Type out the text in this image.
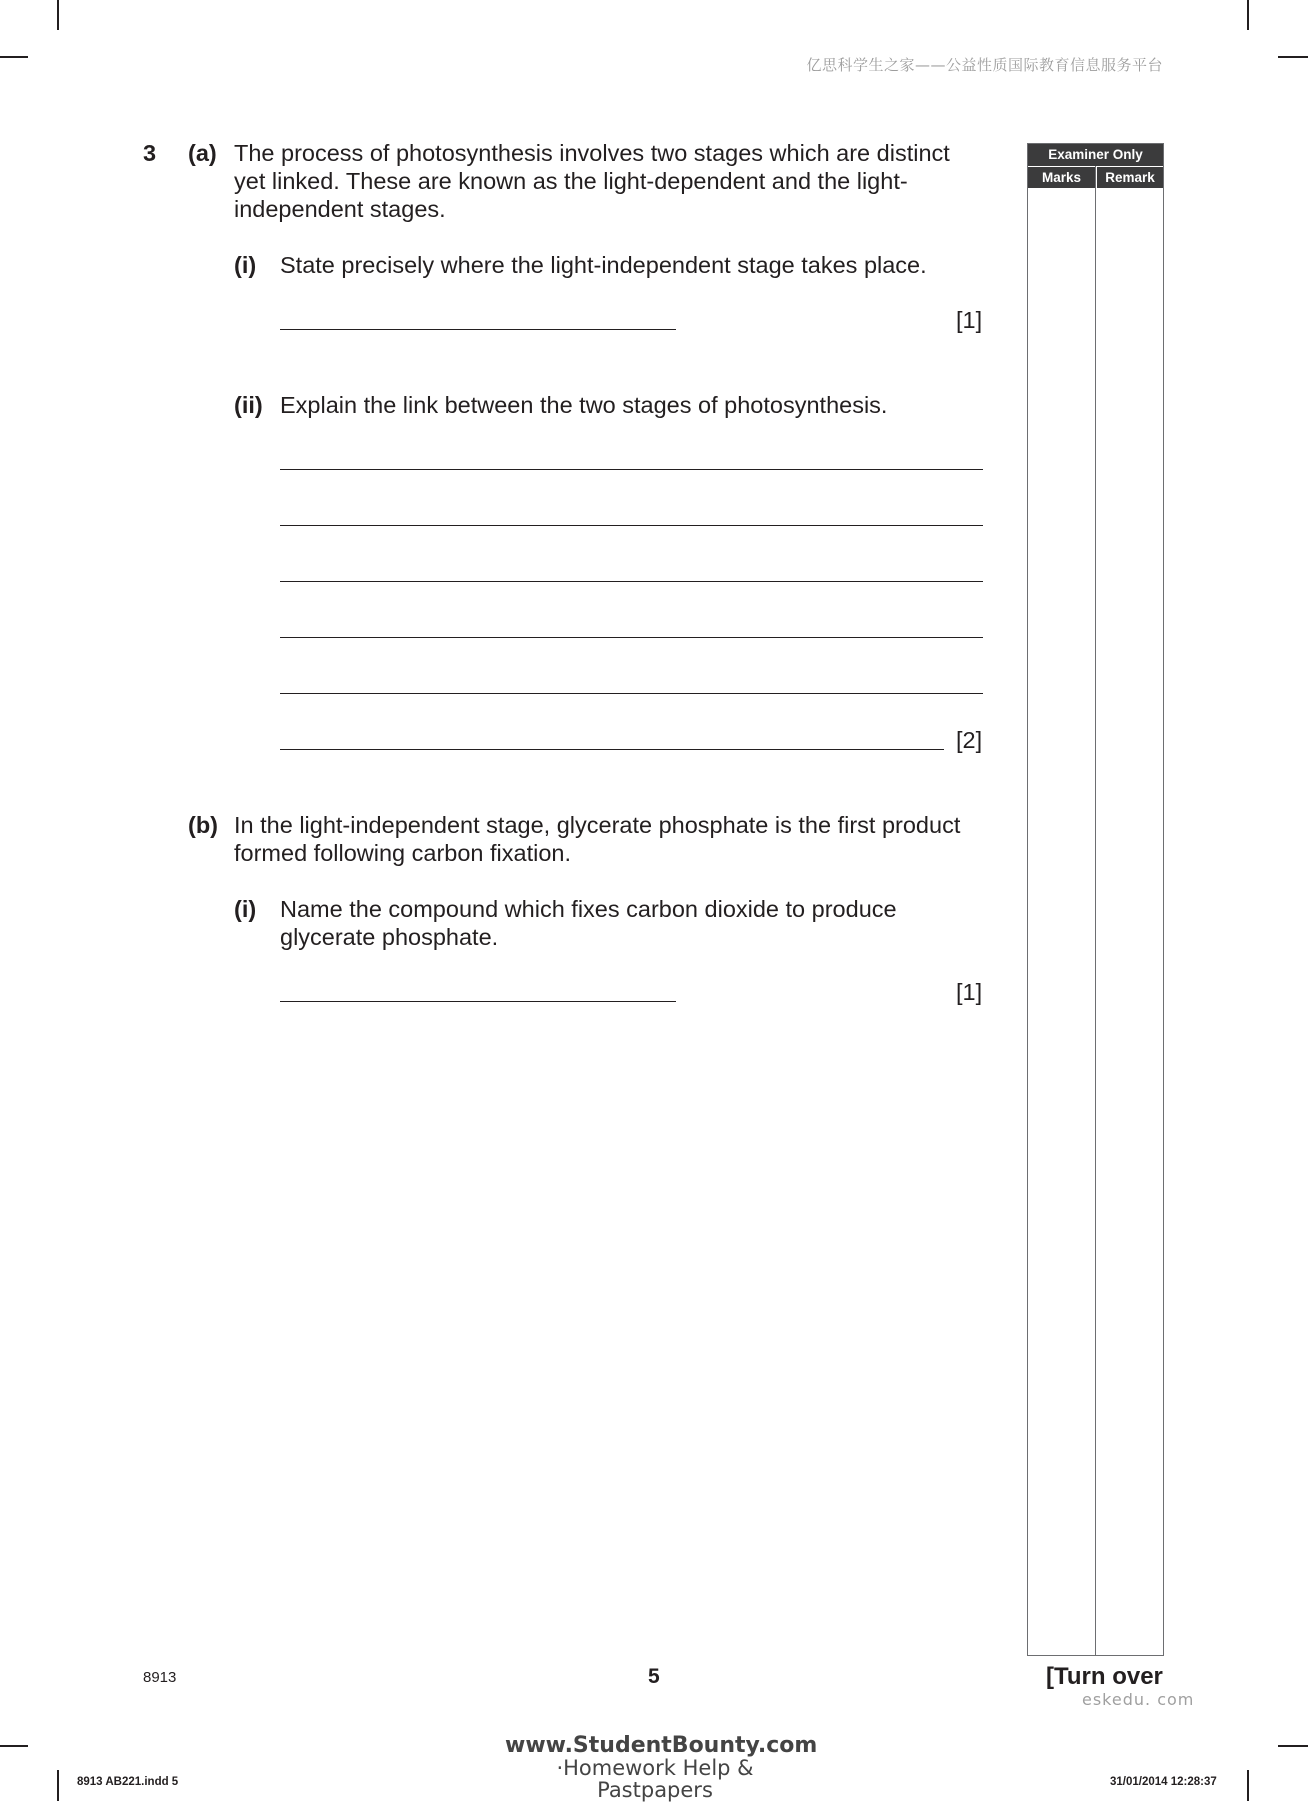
亿思科学生之家——公益性质国际教育信息服务平台
3 (a) The process of photosynthesis involves two stages which are distinct
yet linked. These are known as the light-dependent and the light-
independent stages.
(i) State precisely where the light-independent stage takes place.
[1]
(ii) Explain the link between the two stages of photosynthesis.
[2]
(b) In the light-independent stage, glycerate phosphate is the first product
formed following carbon fixation.
(i) Name the compound which fixes carbon dioxide to produce
glycerate phosphate.
[1]
Examiner Only
Marks	Remark
8913	5	[Turn over
eskedu. com
8913 AB221.indd 5	31/01/2014 12:28:37
www.StudentBounty.com
·Homework Help & Pastpapers
